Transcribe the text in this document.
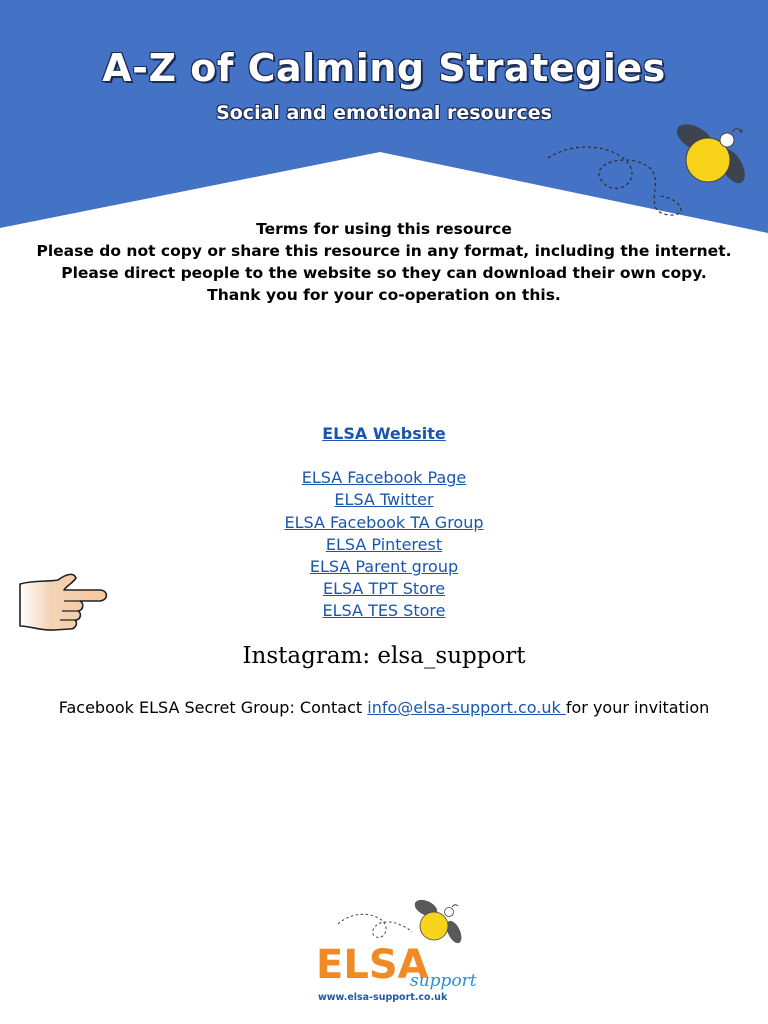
A-Z of Calming Strategies
Social and emotional resources
Terms for using this resource
Please do not copy or share this resource in any format, including the internet.
Please direct people to the website so they can download their own copy.
Thank you for your co-operation on this.
ELSA Website
ELSA Facebook Page
ELSA Twitter
ELSA Facebook TA Group
ELSA Pinterest
ELSA Parent group
ELSA TPT Store
ELSA TES Store
Instagram: elsa_support
Facebook ELSA Secret Group: Contact info@elsa-support.co.uk for your invitation
ELSA
support
www.elsa-support.co.uk
